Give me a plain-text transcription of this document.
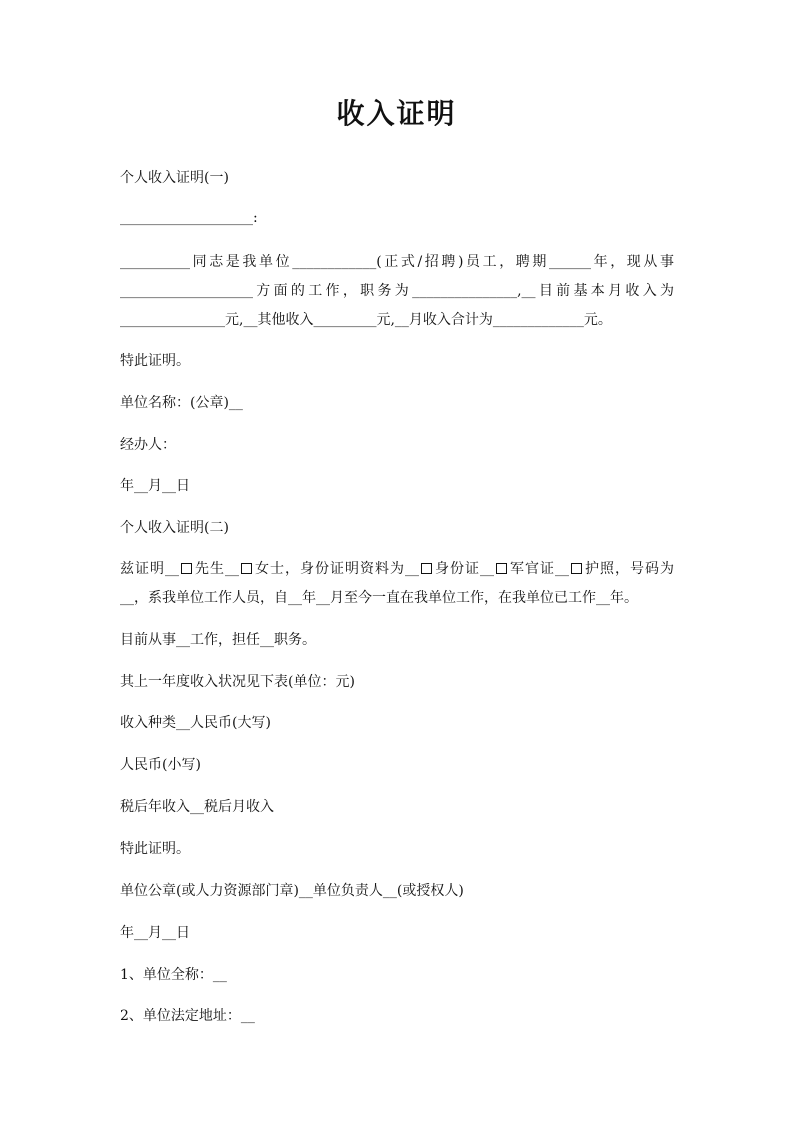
收入证明
个人收入证明(一)
___________________:
__________同志是我单位____________(正式/招聘)员工，聘期______年，现从事
___________________方面的工作，职务为_______________,__目前基本月收入为
_______________元,__其他收入_________元,__月收入合计为_____________元。
特此证明。
单位名称：(公章)__
经办人：
年__月__日
个人收入证明(二)
兹证明__ 先生__ 女士，身份证明资料为__ 身份证__ 军官证__ 护照，号码为
__，系我单位工作人员，自__年__月至今一直在我单位工作，在我单位已工作__年。
目前从事__工作，担任__职务。
其上一年度收入状况见下表(单位：元)
收入种类__人民币(大写)
人民币(小写)
税后年收入__税后月收入
特此证明。
单位公章(或人力资源部门章)__单位负责人__(或授权人)
年__月__日
1、单位全称：__
2、单位法定地址：__
